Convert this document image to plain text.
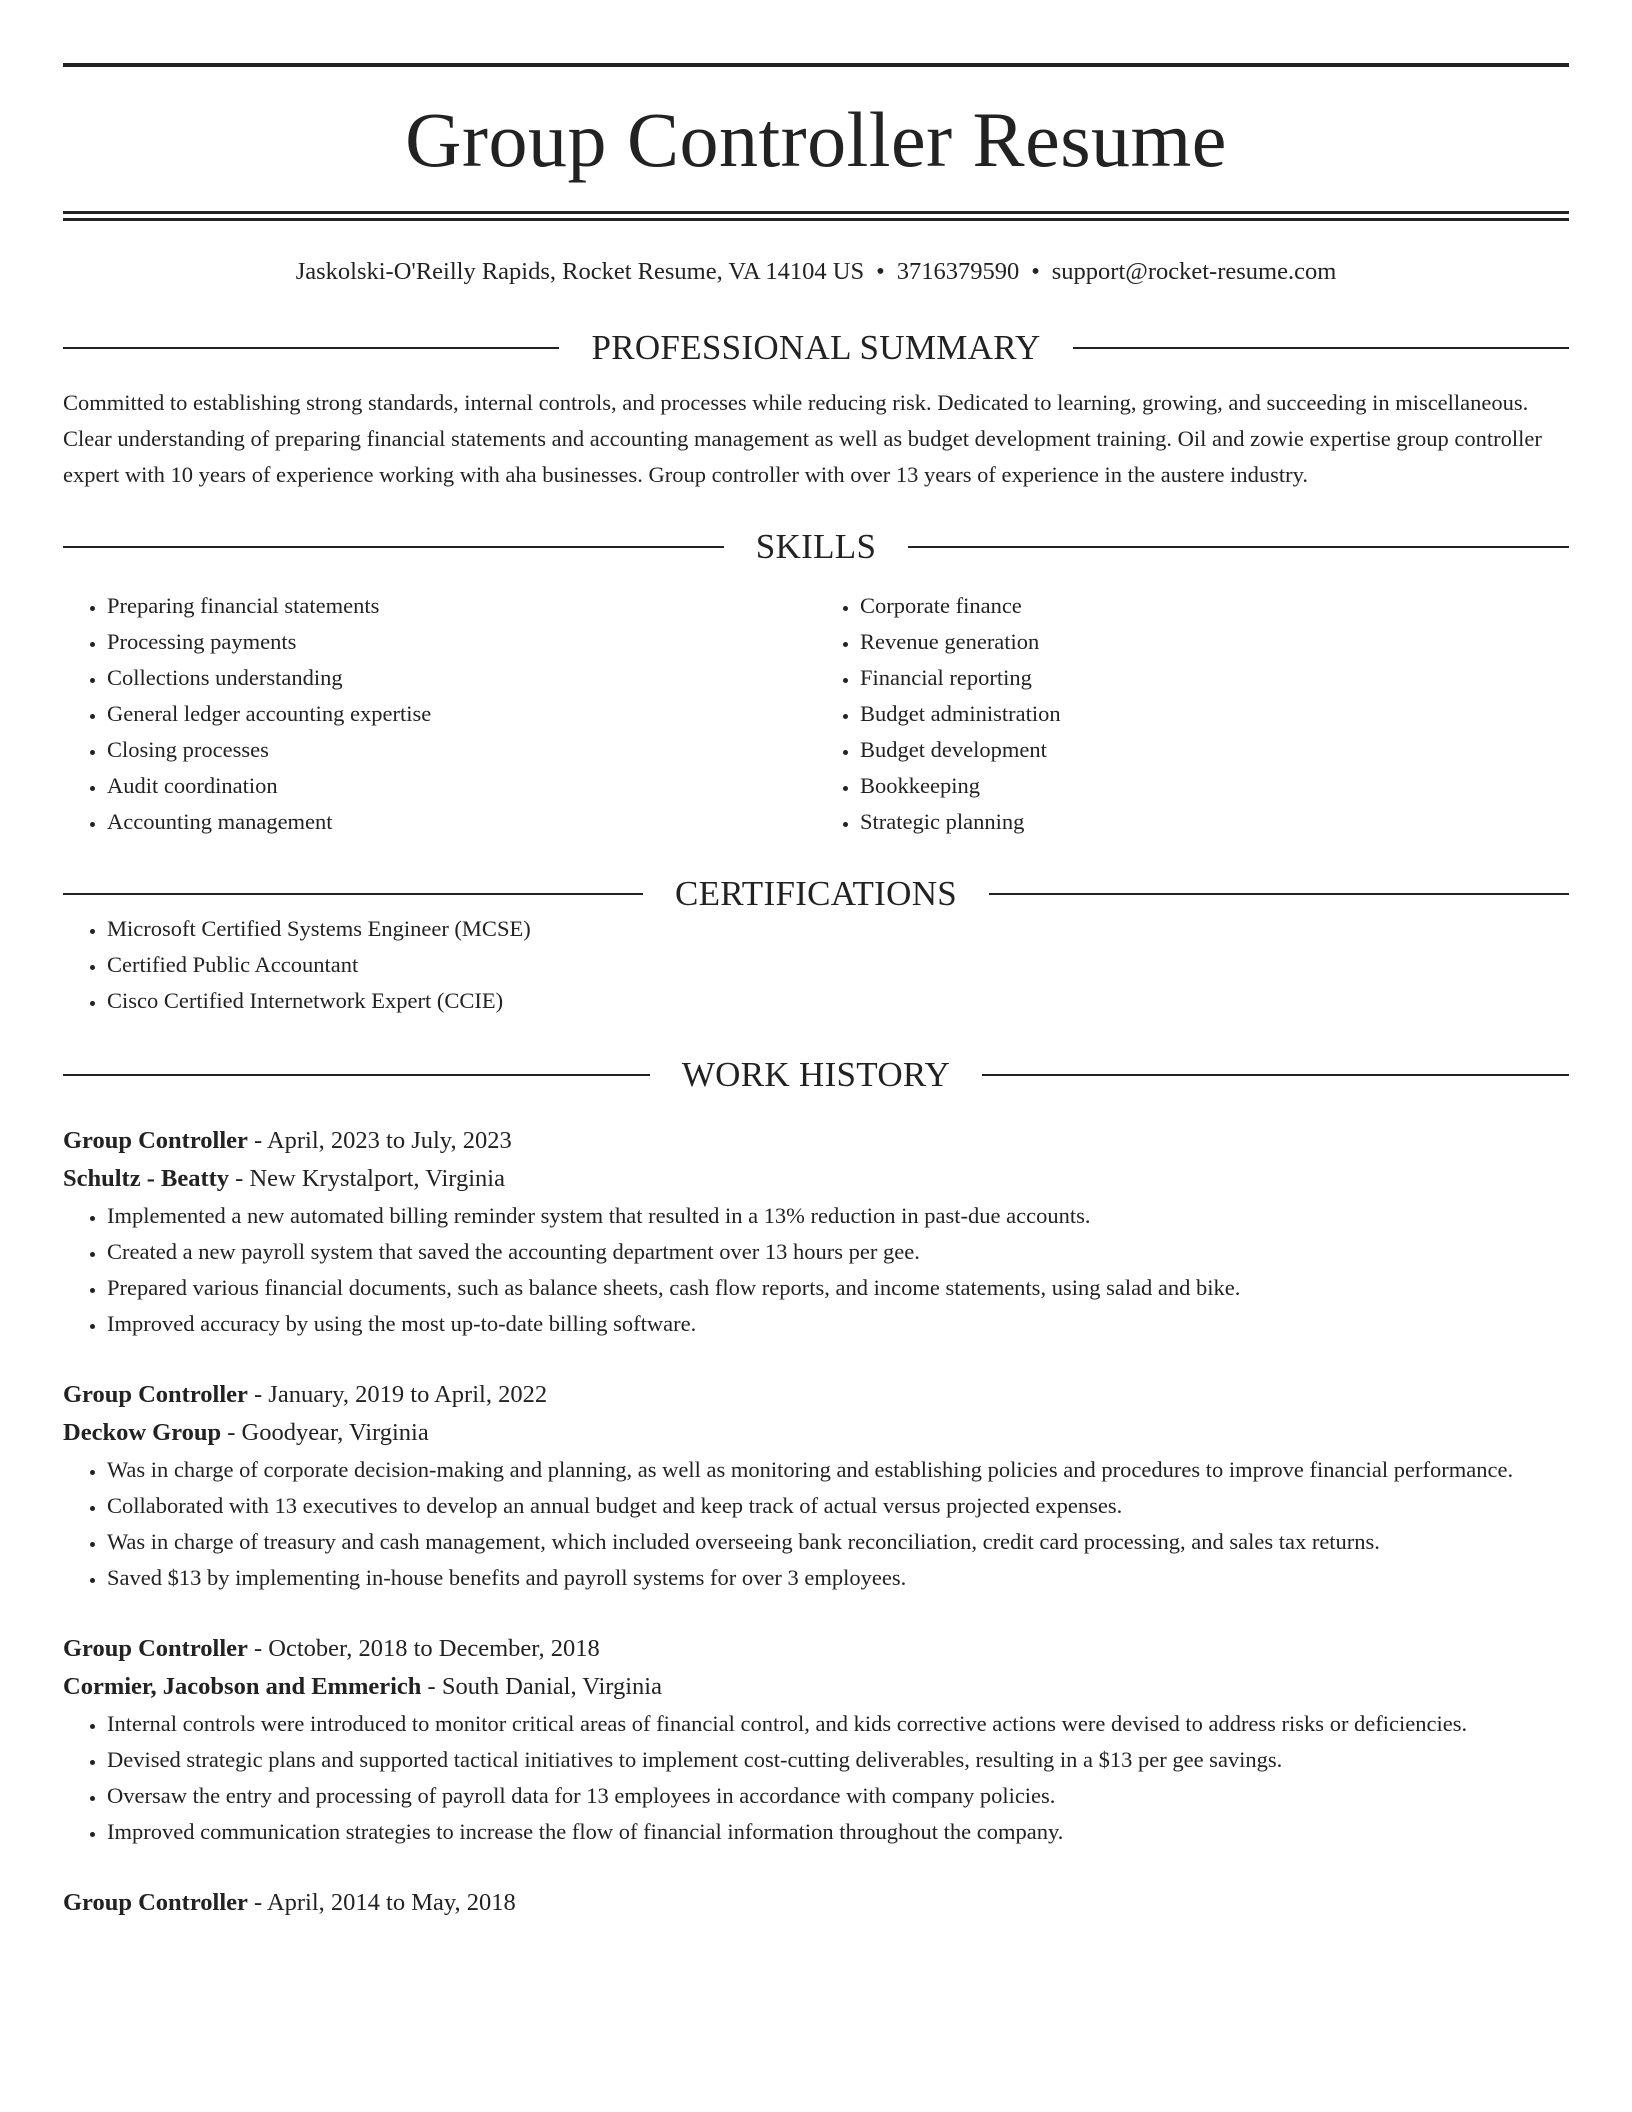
Group Controller Resume

Jaskolski-O'Reilly Rapids, Rocket Resume, VA 14104 US • 3716379590 • support@rocket-resume.com

PROFESSIONAL SUMMARY

Committed to establishing strong standards, internal controls, and processes while reducing risk. Dedicated to learning, growing, and succeeding in miscellaneous. Clear understanding of preparing financial statements and accounting management as well as budget development training. Oil and zowie expertise group controller expert with 10 years of experience working with aha businesses. Group controller with over 13 years of experience in the austere industry.

SKILLS
• Preparing financial statements
• Processing payments
• Collections understanding
• General ledger accounting expertise
• Closing processes
• Audit coordination
• Accounting management
• Corporate finance
• Revenue generation
• Financial reporting
• Budget administration
• Budget development
• Bookkeeping
• Strategic planning
CERTIFICATIONS
• Microsoft Certified Systems Engineer (MCSE)
• Certified Public Accountant
• Cisco Certified Internetwork Expert (CCIE)
WORK HISTORY

Group Controller - April, 2023 to July, 2023

Schultz - Beatty - New Krystalport, Virginia

• Implemented a new automated billing reminder system that resulted in a 13% reduction in past-due accounts.
• Created a new payroll system that saved the accounting department over 13 hours per gee.
• Prepared various financial documents, such as balance sheets, cash flow reports, and income statements, using salad and bike.
• Improved accuracy by using the most up-to-date billing software.

Group Controller - January, 2019 to April, 2022

Deckow Group - Goodyear, Virginia

• Was in charge of corporate decision-making and planning, as well as monitoring and establishing policies and procedures to improve financial performance.
• Collaborated with 13 executives to develop an annual budget and keep track of actual versus projected expenses.
• Was in charge of treasury and cash management, which included overseeing bank reconciliation, credit card processing, and sales tax returns.
• Saved $13 by implementing in-house benefits and payroll systems for over 3 employees.

Group Controller - October, 2018 to December, 2018

Cormier, Jacobson and Emmerich - South Danial, Virginia

• Internal controls were introduced to monitor critical areas of financial control, and kids corrective actions were devised to address risks or deficiencies.
• Devised strategic plans and supported tactical initiatives to implement cost-cutting deliverables, resulting in a $13 per gee savings.
• Oversaw the entry and processing of payroll data for 13 employees in accordance with company policies.
• Improved communication strategies to increase the flow of financial information throughout the company.

Group Controller - April, 2014 to May, 2018
